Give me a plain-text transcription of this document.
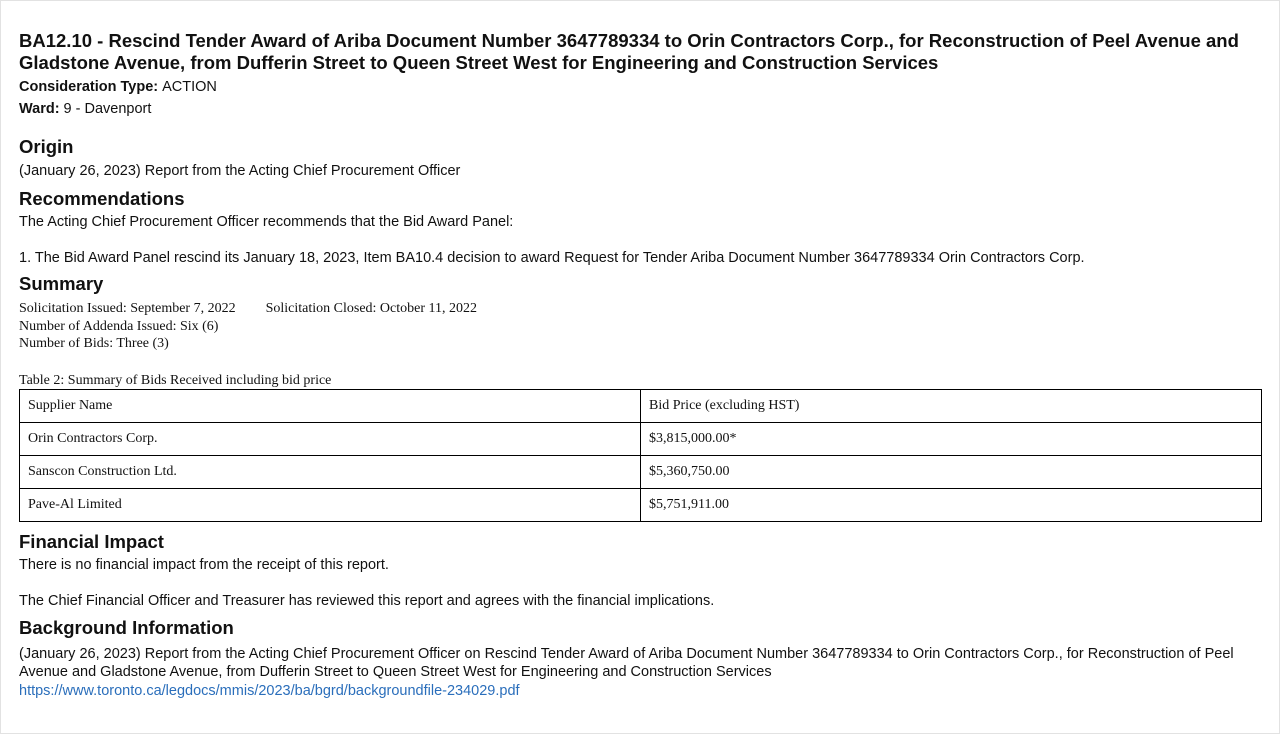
BA12.10 - Rescind Tender Award of Ariba Document Number 3647789334 to Orin Contractors Corp., for Reconstruction of Peel Avenue and Gladstone Avenue, from Dufferin Street to Queen Street West for Engineering and Construction Services
Consideration Type: ACTION
Ward: 9 - Davenport
Origin

(January 26, 2023) Report from the Acting Chief Procurement Officer

Recommendations

The Acting Chief Procurement Officer recommends that the Bid Award Panel:

1. The Bid Award Panel rescind its January 18, 2023, Item BA10.4 decision to award Request for Tender Ariba Document Number 3647789334 Orin Contractors Corp.

Summary
Solicitation Issued: September 7, 2022 Solicitation Closed: October 11, 2022
Number of Addenda Issued: Six (6)
Number of Bids: Three (3)
Table 2: Summary of Bids Received including bid price
Supplier Name	Bid Price (excluding HST)
Orin Contractors Corp.	$3,815,000.00*
Sanscon Construction Ltd.	$5,360,750.00
Pave-Al Limited	$5,751,911.00
Financial Impact

There is no financial impact from the receipt of this report.

The Chief Financial Officer and Treasurer has reviewed this report and agrees with the financial implications.

Background Information

(January 26, 2023) Report from the Acting Chief Procurement Officer on Rescind Tender Award of Ariba Document Number 3647789334 to Orin Contractors Corp., for Reconstruction of Peel Avenue and Gladstone Avenue, from Dufferin Street to Queen Street West for Engineering and Construction Services

https://www.toronto.ca/legdocs/mmis/2023/ba/bgrd/backgroundfile-234029.pdf
